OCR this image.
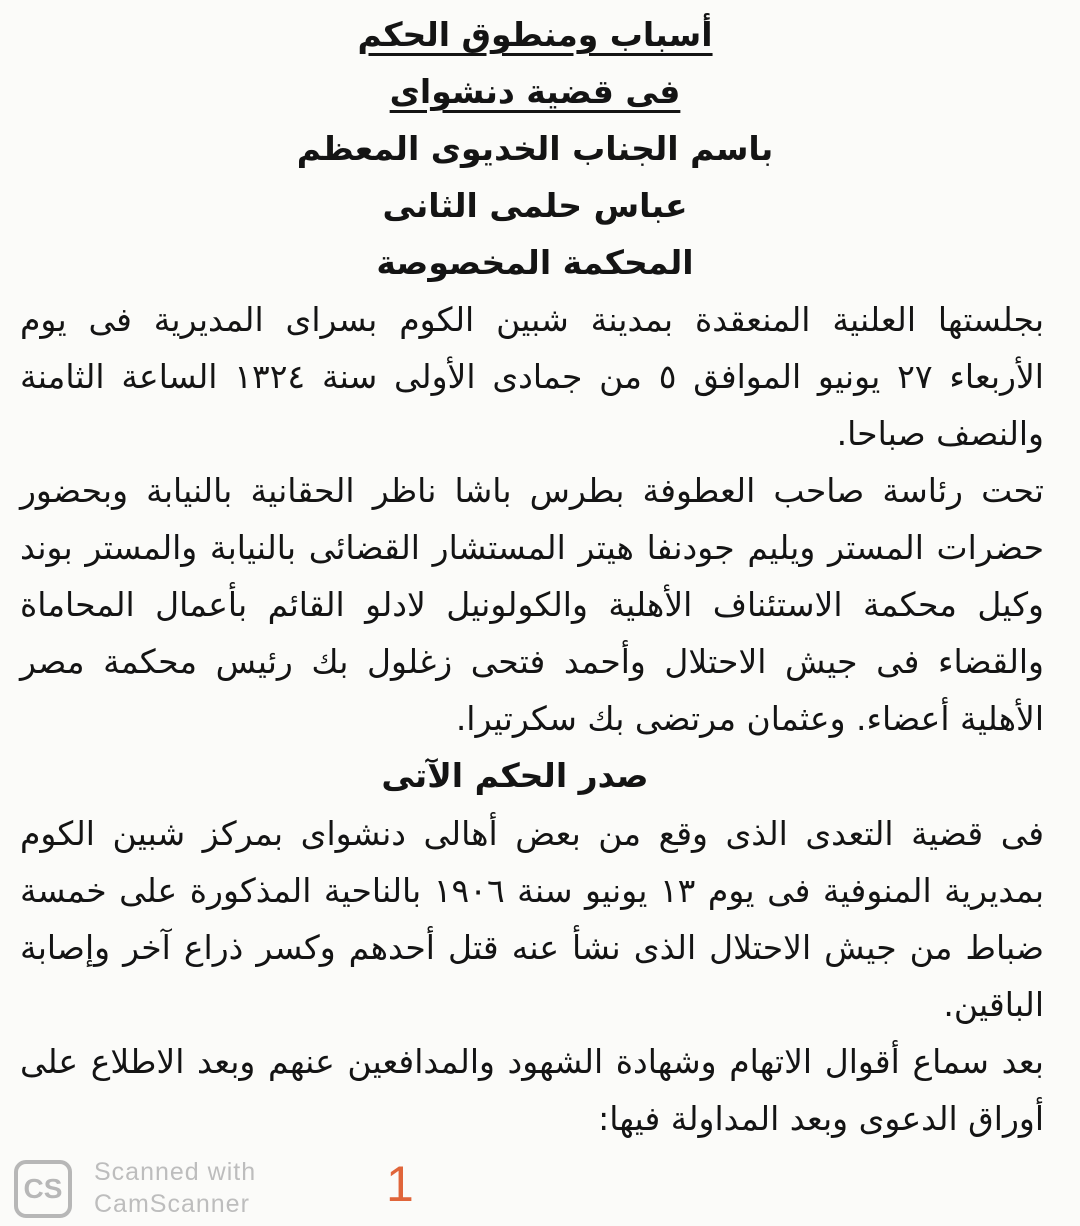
أسباب ومنطوق الحكم
فى قضية دنشواى
باسم الجناب الخديوى المعظم
عباس حلمى الثانى
المحكمة المخصوصة

بجلستها العلنية المنعقدة بمدينة شبين الكوم بسراى المديرية فى يوم الأربعاء ٢٧ يونيو الموافق ٥ من جمادى الأولى سنة ١٣٢٤ الساعة الثامنة والنصف صباحا.

تحت رئاسة صاحب العطوفة بطرس باشا ناظر الحقانية بالنيابة وبحضور حضرات المستر ويليم جودنفا هيتر المستشار القضائى بالنيابة والمستر بوند وكيل محكمة الاستئناف الأهلية والكولونيل لادلو القائم بأعمال المحاماة والقضاء فى جيش الاحتلال وأحمد فتحى زغلول بك رئيس محكمة مصر الأهلية أعضاء. وعثمان مرتضى بك سكرتيرا.

صدر الحكم الآتى

فى قضية التعدى الذى وقع من بعض أهالى دنشواى بمركز شبين الكوم بمديرية المنوفية فى يوم ١٣ يونيو سنة ١٩٠٦ بالناحية المذكورة على خمسة ضباط من جيش الاحتلال الذى نشأ عنه قتل أحدهم وكسر ذراع آخر وإصابة الباقين.

بعد سماع أقوال الاتهام وشهادة الشهود والمدافعين عنهم وبعد الاطلاع على أوراق الدعوى وبعد المداولة فيها:

CS
Scanned with
CamScanner	1
